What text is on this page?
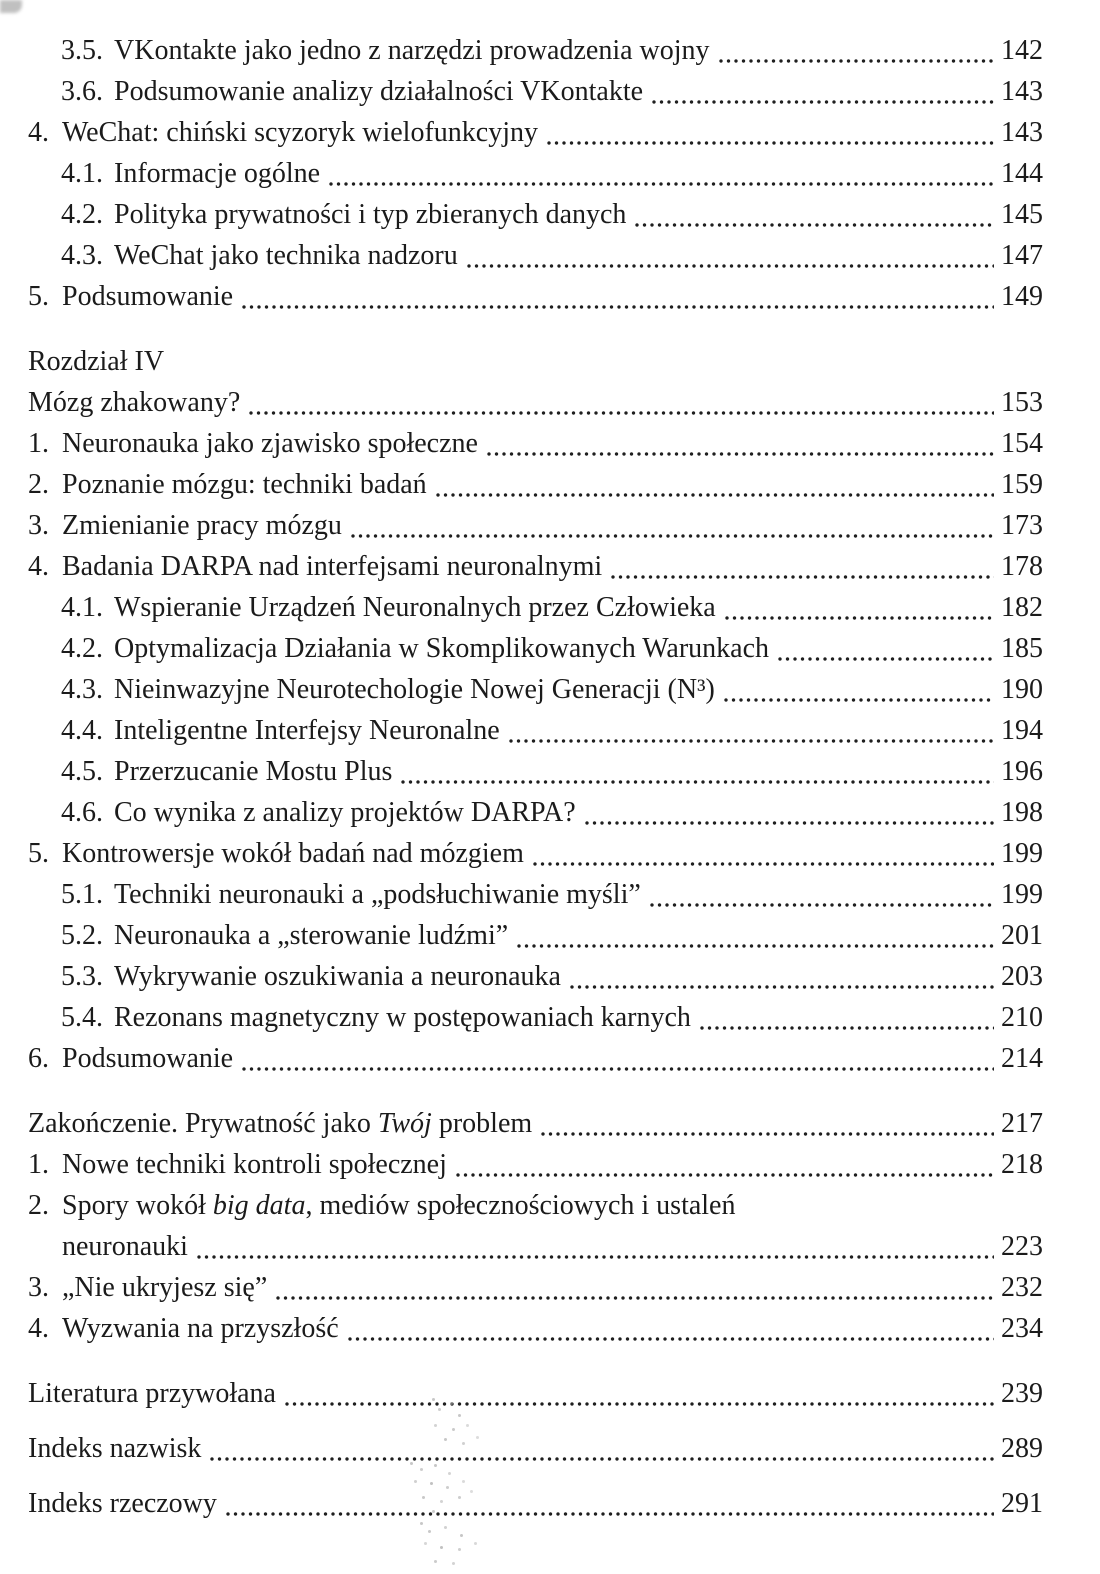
3.5. VKontakte jako jedno z narzędzi prowadzenia wojny	142
3.6. Podsumowanie analizy działalności VKontakte	143
4. WeChat: chiński scyzoryk wielofunkcyjny	143
4.1. Informacje ogólne	144
4.2. Polityka prywatności i typ zbieranych danych	145
4.3. WeChat jako technika nadzoru	147
5. Podsumowanie	149
Rozdział IV
Mózg zhakowany?	153
1. Neuronauka jako zjawisko społeczne	154
2. Poznanie mózgu: techniki badań	159
3. Zmienianie pracy mózgu	173
4. Badania DARPA nad interfejsami neuronalnymi	178
4.1. Wspieranie Urządzeń Neuronalnych przez Człowieka	182
4.2. Optymalizacja Działania w Skomplikowanych Warunkach	185
4.3. Nieinwazyjne Neurotechologie Nowej Generacji (N³)	190
4.4. Inteligentne Interfejsy Neuronalne	194
4.5. Przerzucanie Mostu Plus	196
4.6. Co wynika z analizy projektów DARPA?	198
5. Kontrowersje wokół badań nad mózgiem	199
5.1. Techniki neuronauki a „podsłuchiwanie myśli”	199
5.2. Neuronauka a „sterowanie ludźmi”	201
5.3. Wykrywanie oszukiwania a neuronauka	203
5.4. Rezonans magnetyczny w postępowaniach karnych	210
6. Podsumowanie	214
Zakończenie. Prywatność jako Twój problem	217
1. Nowe techniki kontroli społecznej	218
2. Spory wokół big data, mediów społecznościowych i ustaleń
neuronauki	223
3. „Nie ukryjesz się”	232
4. Wyzwania na przyszłość	234
Literatura przywołana	239
Indeks nazwisk	289
Indeks rzeczowy	291
